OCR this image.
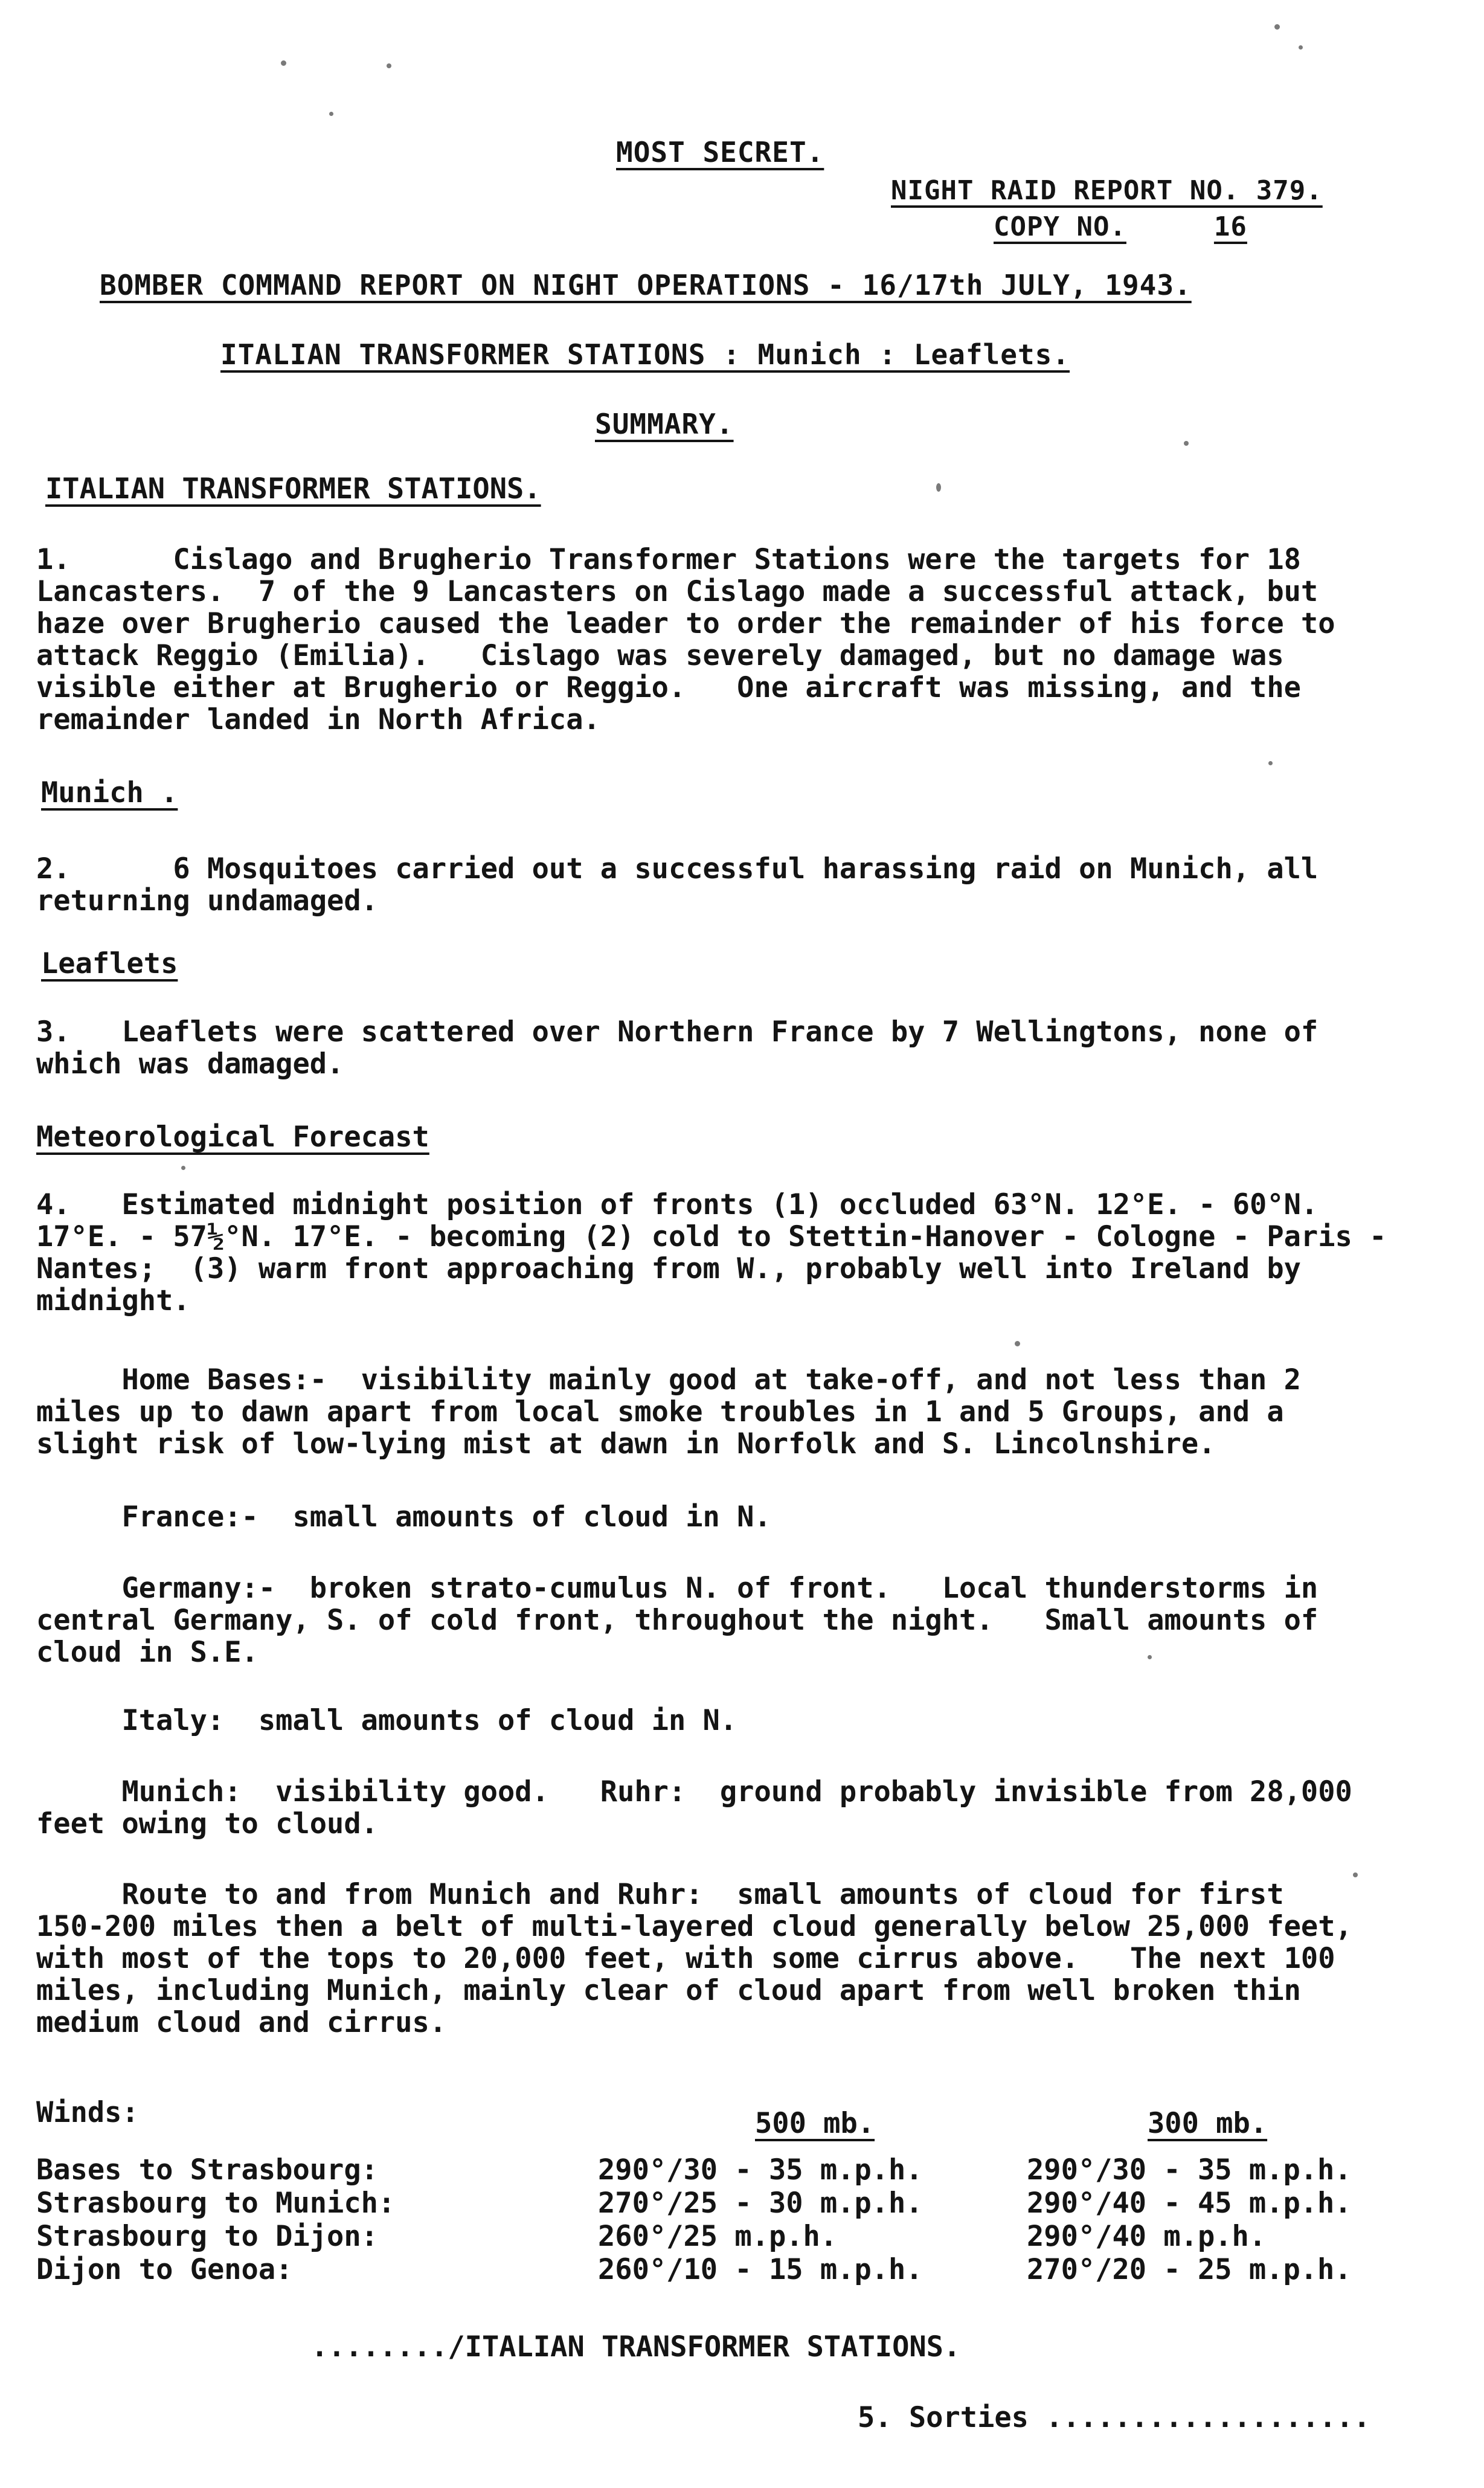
MOST SECRET.
NIGHT RAID REPORT NO. 379.
COPY NO.	16
BOMBER COMMAND REPORT ON NIGHT OPERATIONS - 16/17th JULY, 1943.
ITALIAN TRANSFORMER STATIONS : Munich : Leaflets.
SUMMARY.
ITALIAN TRANSFORMER STATIONS.
1.      Cislago and Brugherio Transformer Stations were the targets for 18
Lancasters.  7 of the 9 Lancasters on Cislago made a successful attack, but
haze over Brugherio caused the leader to order the remainder of his force to
attack Reggio (Emilia).   Cislago was severely damaged, but no damage was
visible either at Brugherio or Reggio.   One aircraft was missing, and the
remainder landed in North Africa.
Munich .
2.      6 Mosquitoes carried out a successful harassing raid on Munich, all
returning undamaged.
Leaflets
3.   Leaflets were scattered over Northern France by 7 Wellingtons, none of
which was damaged.
Meteorological Forecast
4.   Estimated midnight position of fronts (1) occluded 63°N. 12°E. - 60°N.
17°E. - 57½°N. 17°E. - becoming (2) cold to Stettin-Hanover - Cologne - Paris -
Nantes;  (3) warm front approaching from W., probably well into Ireland by
midnight.
Home Bases:-  visibility mainly good at take-off, and not less than 2
miles up to dawn apart from local smoke troubles in 1 and 5 Groups, and a
slight risk of low-lying mist at dawn in Norfolk and S. Lincolnshire.
France:-  small amounts of cloud in N.
Germany:-  broken strato-cumulus N. of front.   Local thunderstorms in
central Germany, S. of cold front, throughout the night.   Small amounts of
cloud in S.E.
Italy:  small amounts of cloud in N.
Munich:  visibility good.   Ruhr:  ground probably invisible from 28,000
feet owing to cloud.
Route to and from Munich and Ruhr:  small amounts of cloud for first
150-200 miles then a belt of multi-layered cloud generally below 25,000 feet,
with most of the tops to 20,000 feet, with some cirrus above.   The next 100
miles, including Munich, mainly clear of cloud apart from well broken thin
medium cloud and cirrus.
Winds:	500 mb.	300 mb.
Bases to Strasbourg:	290°/30 - 35 m.p.h.	290°/30 - 35 m.p.h.
Strasbourg to Munich:	270°/25 - 30 m.p.h.	290°/40 - 45 m.p.h.
Strasbourg to Dijon:	260°/25 m.p.h.	290°/40 m.p.h.
Dijon to Genoa:	260°/10 - 15 m.p.h.	270°/20 - 25 m.p.h.
......../ITALIAN TRANSFORMER STATIONS.
5. Sorties ...................
